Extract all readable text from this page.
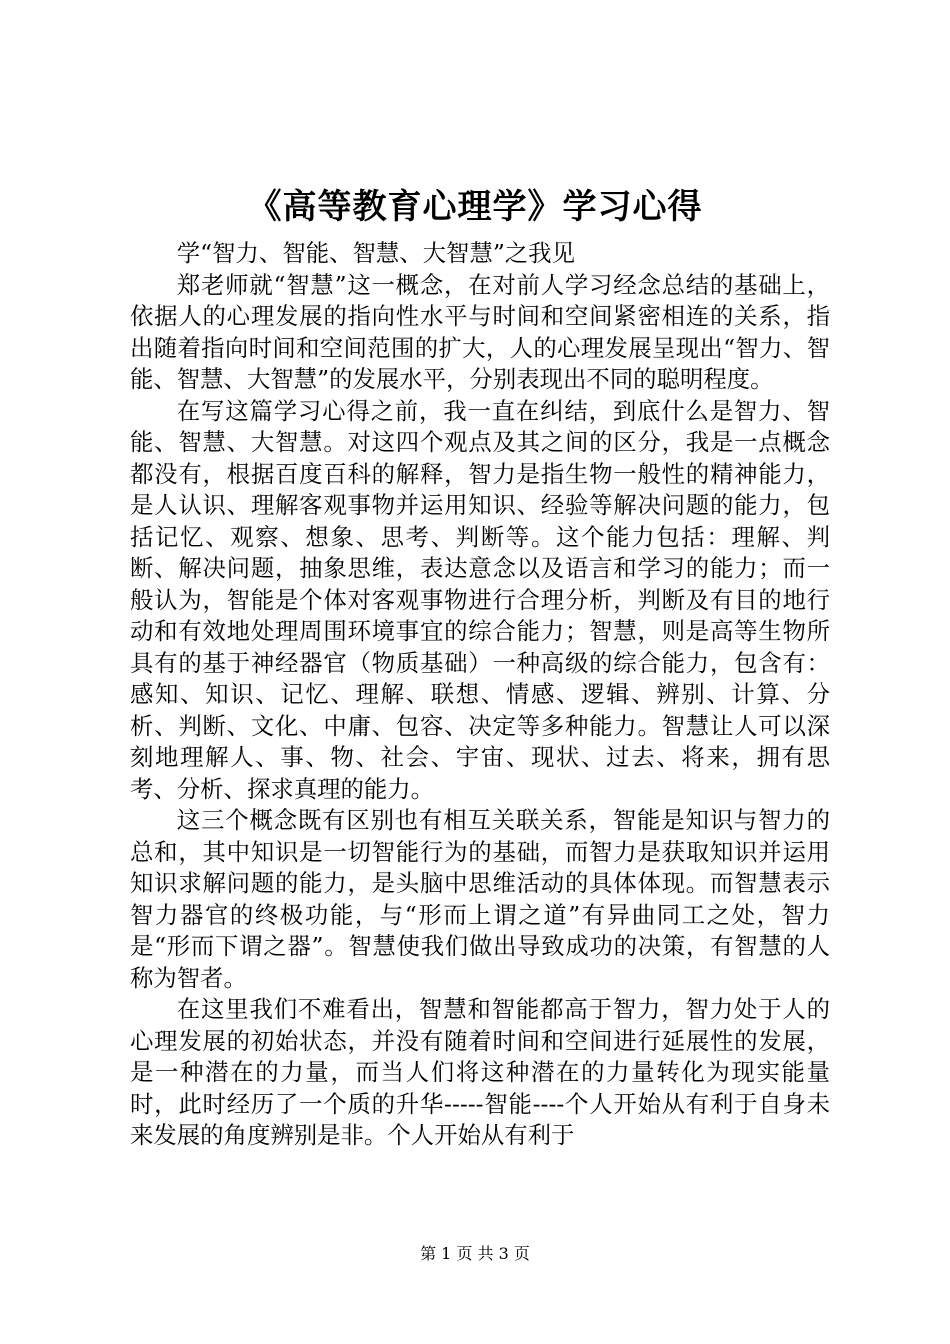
《高等教育心理学》学习心得

学“智力、智能、智慧、大智慧”之我见

郑老师就“智慧”这一概念，在对前人学习经念总结的基础上，依据人的心理发展的指向性水平与时间和空间紧密相连的关系，指出随着指向时间和空间范围的扩大，人的心理发展呈现出“智力、智能、智慧、大智慧”的发展水平，分别表现出不同的聪明程度。

在写这篇学习心得之前，我一直在纠结，到底什么是智力、智能、智慧、大智慧。对这四个观点及其之间的区分，我是一点概念都没有，根据百度百科的解释，智力是指生物一般性的精神能力，是人认识、理解客观事物并运用知识、经验等解决问题的能力，包括记忆、观察、想象、思考、判断等。这个能力包括：理解、判断、解决问题，抽象思维，表达意念以及语言和学习的能力；而一般认为，智能是个体对客观事物进行合理分析，判断及有目的地行动和有效地处理周围环境事宜的综合能力；智慧，则是高等生物所具有的基于神经器官（物质基础）一种高级的综合能力，包含有：感知、知识、记忆、理解、联想、情感、逻辑、辨别、计算、分析、判断、文化、中庸、包容、决定等多种能力。智慧让人可以深刻地理解人、事、物、社会、宇宙、现状、过去、将来，拥有思考、分析、探求真理的能力。

这三个概念既有区别也有相互关联关系，智能是知识与智力的总和，其中知识是一切智能行为的基础，而智力是获取知识并运用知识求解问题的能力，是头脑中思维活动的具体体现。而智慧表示智力器官的终极功能，与“形而上谓之道”有异曲同工之处，智力是“形而下谓之器”。智慧使我们做出导致成功的决策，有智慧的人称为智者。

在这里我们不难看出，智慧和智能都高于智力，智力处于人的心理发展的初始状态，并没有随着时间和空间进行延展性的发展，是一种潜在的力量，而当人们将这种潜在的力量转化为现实能量时，此时经历了一个质的升华-----智能----个人开始从有利于自身未来发展的角度辨别是非。个人开始从有利于

第 1 页 共 3 页
